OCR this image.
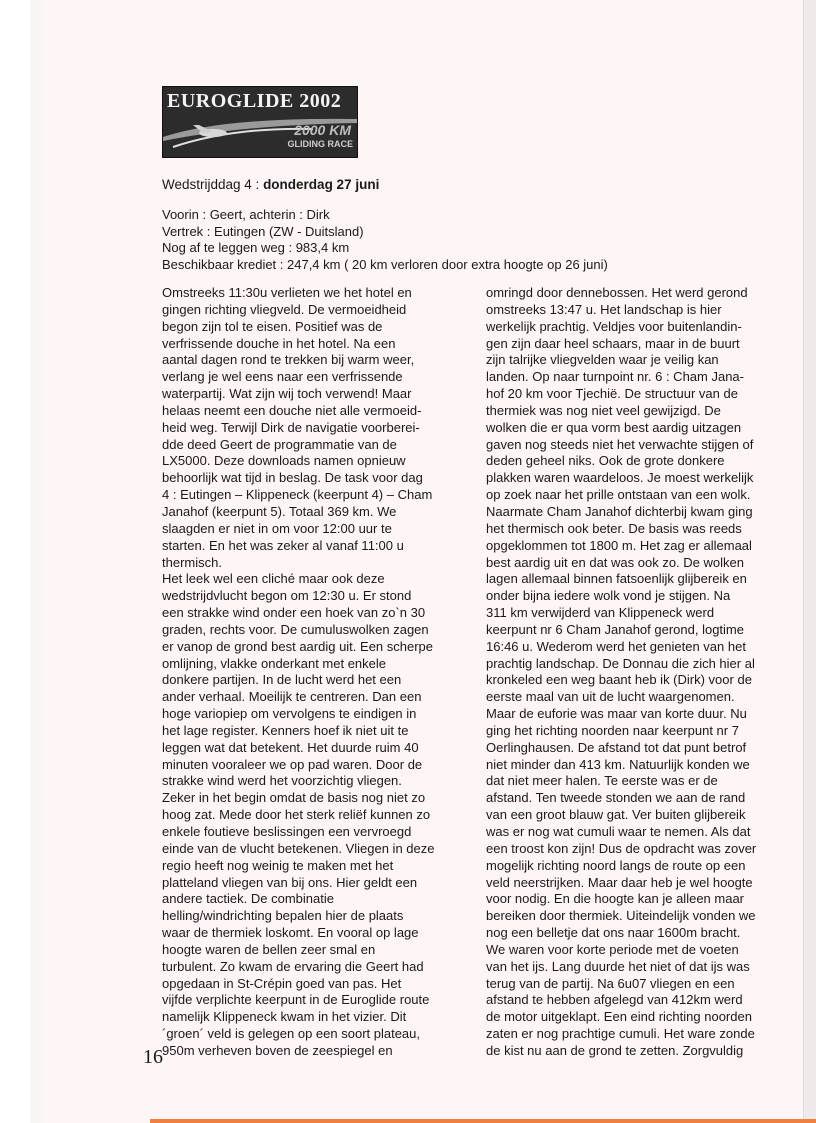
EUROGLIDE 2002
2000 KM
GLIDING RACE
Wedstrijddag 4 : donderdag 27 juni
Voorin : Geert, achterin : Dirk
Vertrek : Eutingen (ZW - Duitsland)
Nog af te leggen weg : 983,4 km
Beschikbaar krediet : 247,4 km ( 20 km verloren door extra hoogte op 26 juni)
Omstreeks 11:30u verlieten we het hotel en
gingen richting vliegveld. De vermoeidheid
begon zijn tol te eisen. Positief was de
verfrissende douche in het hotel. Na een
aantal dagen rond te trekken bij warm weer,
verlang je wel eens naar een verfrissende
waterpartij. Wat zijn wij toch verwend! Maar
helaas neemt een douche niet alle vermoeid-
heid weg. Terwijl Dirk de navigatie voorberei-
dde deed Geert de programmatie van de
LX5000. Deze downloads namen opnieuw
behoorlijk wat tijd in beslag. De task voor dag
4 : Eutingen – Klippeneck (keerpunt 4) – Cham
Janahof (keerpunt 5). Totaal 369 km. We
slaagden er niet in om voor 12:00 uur te
starten. En het was zeker al vanaf 11:00 u
thermisch.
Het leek wel een cliché maar ook deze
wedstrijdvlucht begon om 12:30 u. Er stond
een strakke wind onder een hoek van zo`n 30
graden, rechts voor. De cumuluswolken zagen
er vanop de grond best aardig uit. Een scherpe
omlijning, vlakke onderkant met enkele
donkere partijen. In de lucht werd het een
ander verhaal. Moeilijk te centreren. Dan een
hoge variopiep om vervolgens te eindigen in
het lage register. Kenners hoef ik niet uit te
leggen wat dat betekent. Het duurde ruim 40
minuten vooraleer we op pad waren. Door de
strakke wind werd het voorzichtig vliegen.
Zeker in het begin omdat de basis nog niet zo
hoog zat. Mede door het sterk reliëf kunnen zo
enkele foutieve beslissingen een vervroegd
einde van de vlucht betekenen. Vliegen in deze
regio heeft nog weinig te maken met het
platteland vliegen van bij ons. Hier geldt een
andere tactiek. De combinatie
helling/windrichting bepalen hier de plaats
waar de thermiek loskomt. En vooral op lage
hoogte waren de bellen zeer smal en
turbulent. Zo kwam de ervaring die Geert had
opgedaan in St-Crépin goed van pas. Het
vijfde verplichte keerpunt in de Euroglide route
namelijk Klippeneck kwam in het vizier. Dit
´groen´ veld is gelegen op een soort plateau,
950m verheven boven de zeespiegel en
omringd door dennebossen. Het werd gerond
omstreeks 13:47 u. Het landschap is hier
werkelijk prachtig. Veldjes voor buitenlandin-
gen zijn daar heel schaars, maar in de buurt
zijn talrijke vliegvelden waar je veilig kan
landen. Op naar turnpoint nr. 6 : Cham Jana-
hof 20 km voor Tjechië. De structuur van de
thermiek was nog niet veel gewijzigd. De
wolken die er qua vorm best aardig uitzagen
gaven nog steeds niet het verwachte stijgen of
deden geheel niks. Ook de grote donkere
plakken waren waardeloos. Je moest werkelijk
op zoek naar het prille ontstaan van een wolk.
Naarmate Cham Janahof dichterbij kwam ging
het thermisch ook beter. De basis was reeds
opgeklommen tot 1800 m. Het zag er allemaal
best aardig uit en dat was ook zo. De wolken
lagen allemaal binnen fatsoenlijk glijbereik en
onder bijna iedere wolk vond je stijgen. Na
311 km verwijderd van Klippeneck werd
keerpunt nr 6 Cham Janahof gerond, logtime
16:46 u. Wederom werd het genieten van het
prachtig landschap. De Donnau die zich hier al
kronkeled een weg baant heb ik (Dirk) voor de
eerste maal van uit de lucht waargenomen.
Maar de euforie was maar van korte duur. Nu
ging het richting noorden naar keerpunt nr 7
Oerlinghausen. De afstand tot dat punt betrof
niet minder dan 413 km. Natuurlijk konden we
dat niet meer halen. Te eerste was er de
afstand. Ten tweede stonden we aan de rand
van een groot blauw gat. Ver buiten glijbereik
was er nog wat cumuli waar te nemen. Als dat
een troost kon zijn! Dus de opdracht was zover
mogelijk richting noord langs de route op een
veld neerstrijken. Maar daar heb je wel hoogte
voor nodig. En die hoogte kan je alleen maar
bereiken door thermiek. Uiteindelijk vonden we
nog een belletje dat ons naar 1600m bracht.
We waren voor korte periode met de voeten
van het ijs. Lang duurde het niet of dat ijs was
terug van de partij. Na 6u07 vliegen en een
afstand te hebben afgelegd van 412km werd
de motor uitgeklapt. Een eind richting noorden
zaten er nog prachtige cumuli. Het ware zonde
de kist nu aan de grond te zetten. Zorgvuldig
16
